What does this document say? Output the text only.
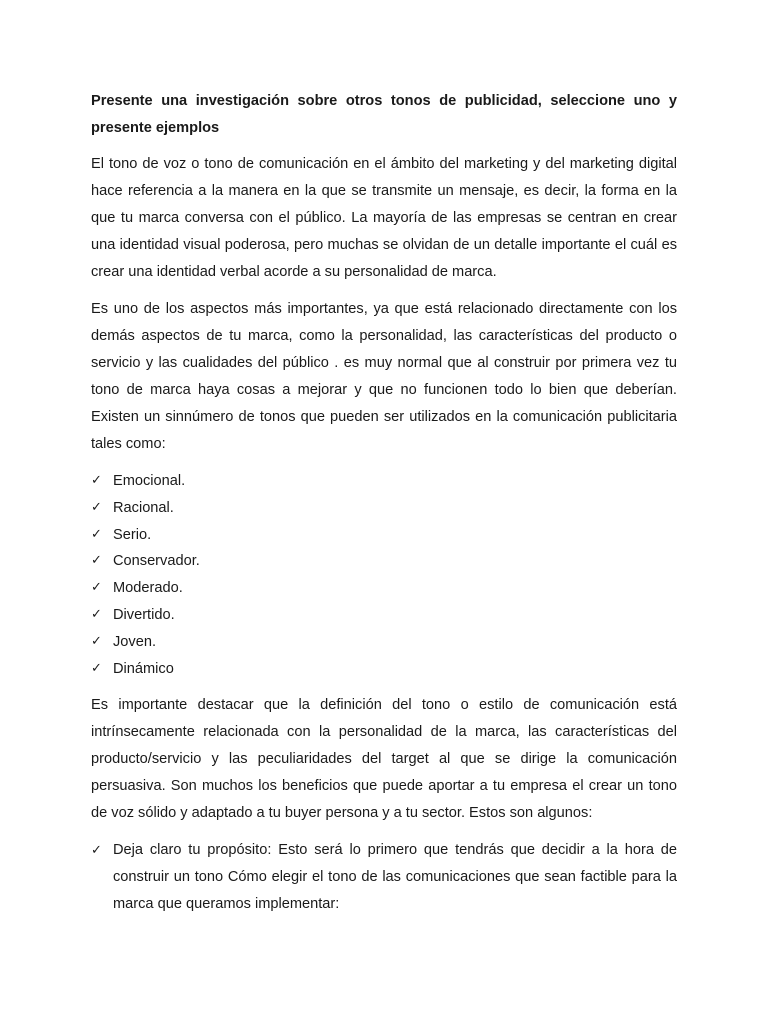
Presente una investigación sobre otros tonos de publicidad, seleccione uno y presente ejemplos

El tono de voz o tono de comunicación en el ámbito del marketing y del marketing digital hace referencia a la manera en la que se transmite un mensaje, es decir, la forma en la que tu marca conversa con el público. La mayoría de las empresas se centran en crear una identidad visual poderosa, pero muchas se olvidan de un detalle importante el cuál es crear una identidad verbal acorde a su personalidad de marca.

Es uno de los aspectos más importantes, ya que está relacionado directamente con los demás aspectos de tu marca, como la personalidad, las características del producto o servicio y las cualidades del público . es muy normal que al construir por primera vez tu tono de marca haya cosas a mejorar y que no funcionen todo lo bien que deberían. Existen un sinnúmero de tonos que pueden ser utilizados en la comunicación publicitaria tales como:

✓ Emocional.
✓ Racional.
✓ Serio.
✓ Conservador.
✓ Moderado.
✓ Divertido.
✓ Joven.
✓ Dinámico

Es importante destacar que la definición del tono o estilo de comunicación está intrínsecamente relacionada con la personalidad de la marca, las características del producto/servicio y las peculiaridades del target al que se dirige la comunicación persuasiva. Son muchos los beneficios que puede aportar a tu empresa el crear un tono de voz sólido y adaptado a tu buyer persona y a tu sector. Estos son algunos:

✓ Deja claro tu propósito: Esto será lo primero que tendrás que decidir a la hora de construir un tono Cómo elegir el tono de las comunicaciones que sean factible para la marca que queramos implementar:
